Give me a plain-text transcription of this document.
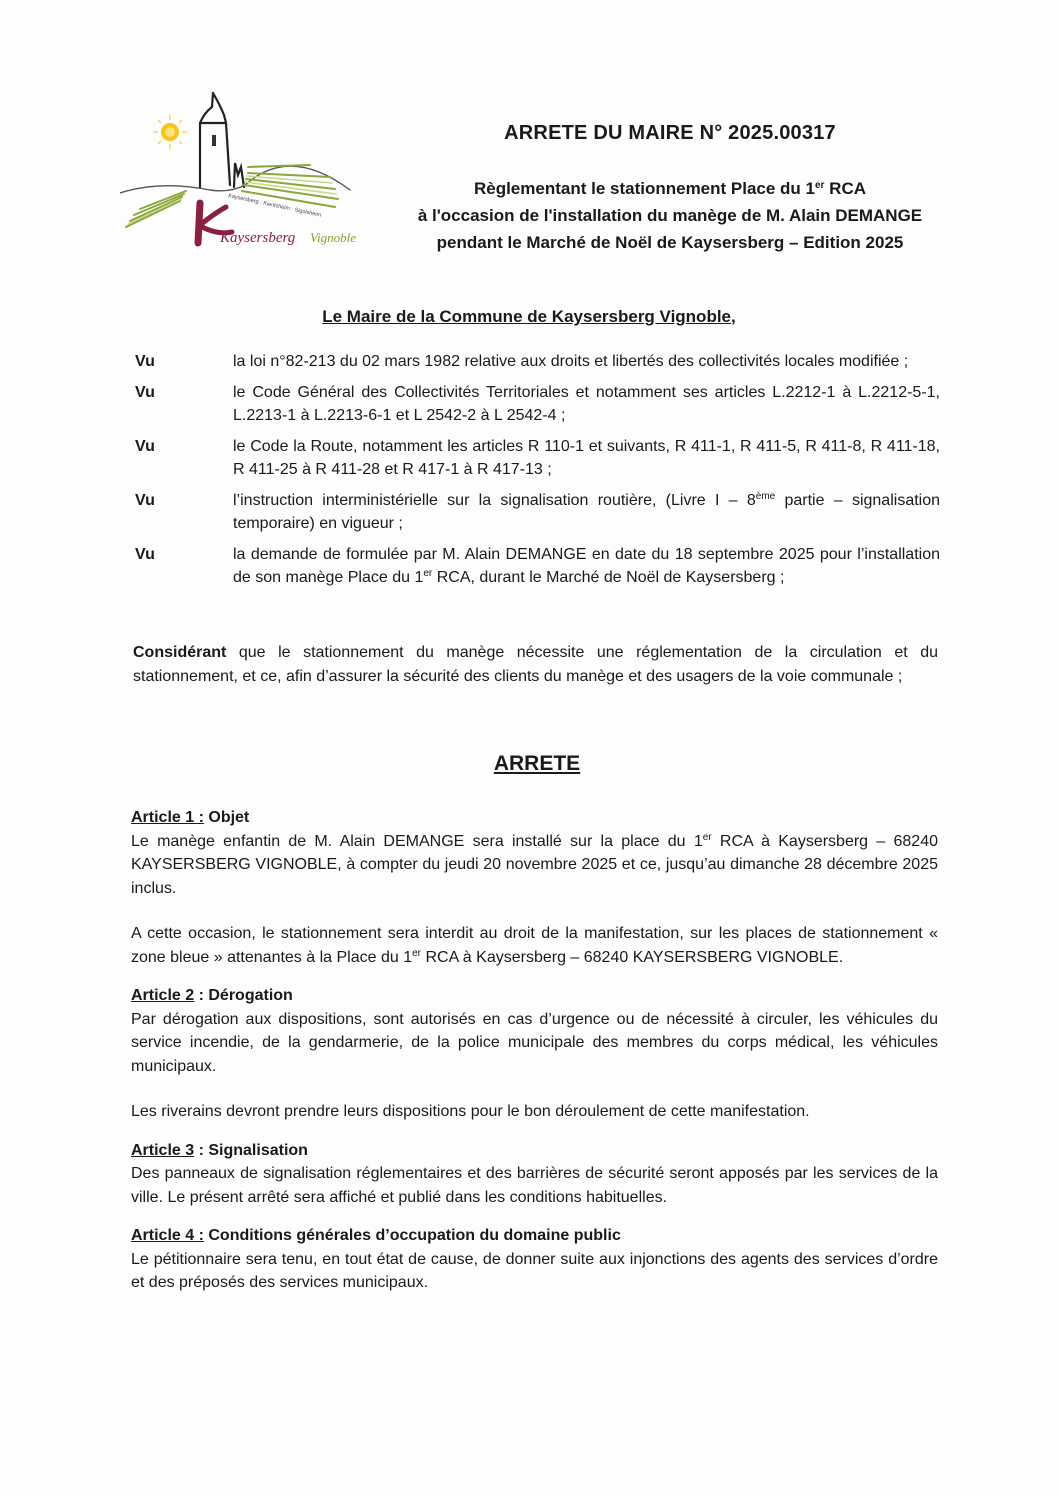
Kaysersberg · Kientzheim · Sigolsheim
Kaysersberg Vignoble
ARRETE DU MAIRE N° 2025.00317
Règlementant le stationnement Place du 1er RCA
à l'occasion de l'installation du manège de M. Alain DEMANGE
pendant le Marché de Noël de Kaysersberg – Edition 2025
Le Maire de la Commune de Kaysersberg Vignoble,
Vu	la loi n°82-213 du 02 mars 1982 relative aux droits et libertés des collectivités locales modifiée ;
Vu	le Code Général des Collectivités Territoriales et notamment ses articles L.2212-1 à L.2212-5-1, L.2213-1 à L.2213-6-1 et L 2542-2 à L 2542-4 ;
Vu	le Code la Route, notamment les articles R 110-1 et suivants, R 411-1, R 411-5, R 411-8, R 411-18, R 411-25 à R 411-28 et R 417-1 à R 417-13 ;
Vu	l’instruction interministérielle sur la signalisation routière, (Livre I – 8ème partie – signalisation temporaire) en vigueur ;
Vu	la demande de formulée par M. Alain DEMANGE en date du 18 septembre 2025 pour l’installation de son manège Place du 1er RCA, durant le Marché de Noël de Kaysersberg ;
Considérant que le stationnement du manège nécessite une réglementation de la circulation et du stationnement, et ce, afin d’assurer la sécurité des clients du manège et des usagers de la voie communale ;
ARRETE
Article 1 : Objet

Le manège enfantin de M. Alain DEMANGE sera installé sur la place du 1er RCA à Kaysersberg – 68240 KAYSERSBERG VIGNOBLE, à compter du jeudi 20 novembre 2025 et ce, jusqu’au dimanche 28 décembre 2025 inclus.

A cette occasion, le stationnement sera interdit au droit de la manifestation, sur les places de stationnement « zone bleue » attenantes à la Place du 1er RCA à Kaysersberg – 68240 KAYSERSBERG VIGNOBLE.

Article 2 : Dérogation

Par dérogation aux dispositions, sont autorisés en cas d’urgence ou de nécessité à circuler, les véhicules du service incendie, de la gendarmerie, de la police municipale des membres du corps médical, les véhicules municipaux.

Les riverains devront prendre leurs dispositions pour le bon déroulement de cette manifestation.

Article 3 : Signalisation

Des panneaux de signalisation réglementaires et des barrières de sécurité seront apposés par les services de la ville. Le présent arrêté sera affiché et publié dans les conditions habituelles.

Article 4 : Conditions générales d’occupation du domaine public

Le pétitionnaire sera tenu, en tout état de cause, de donner suite aux injonctions des agents des services d’ordre et des préposés des services municipaux.
